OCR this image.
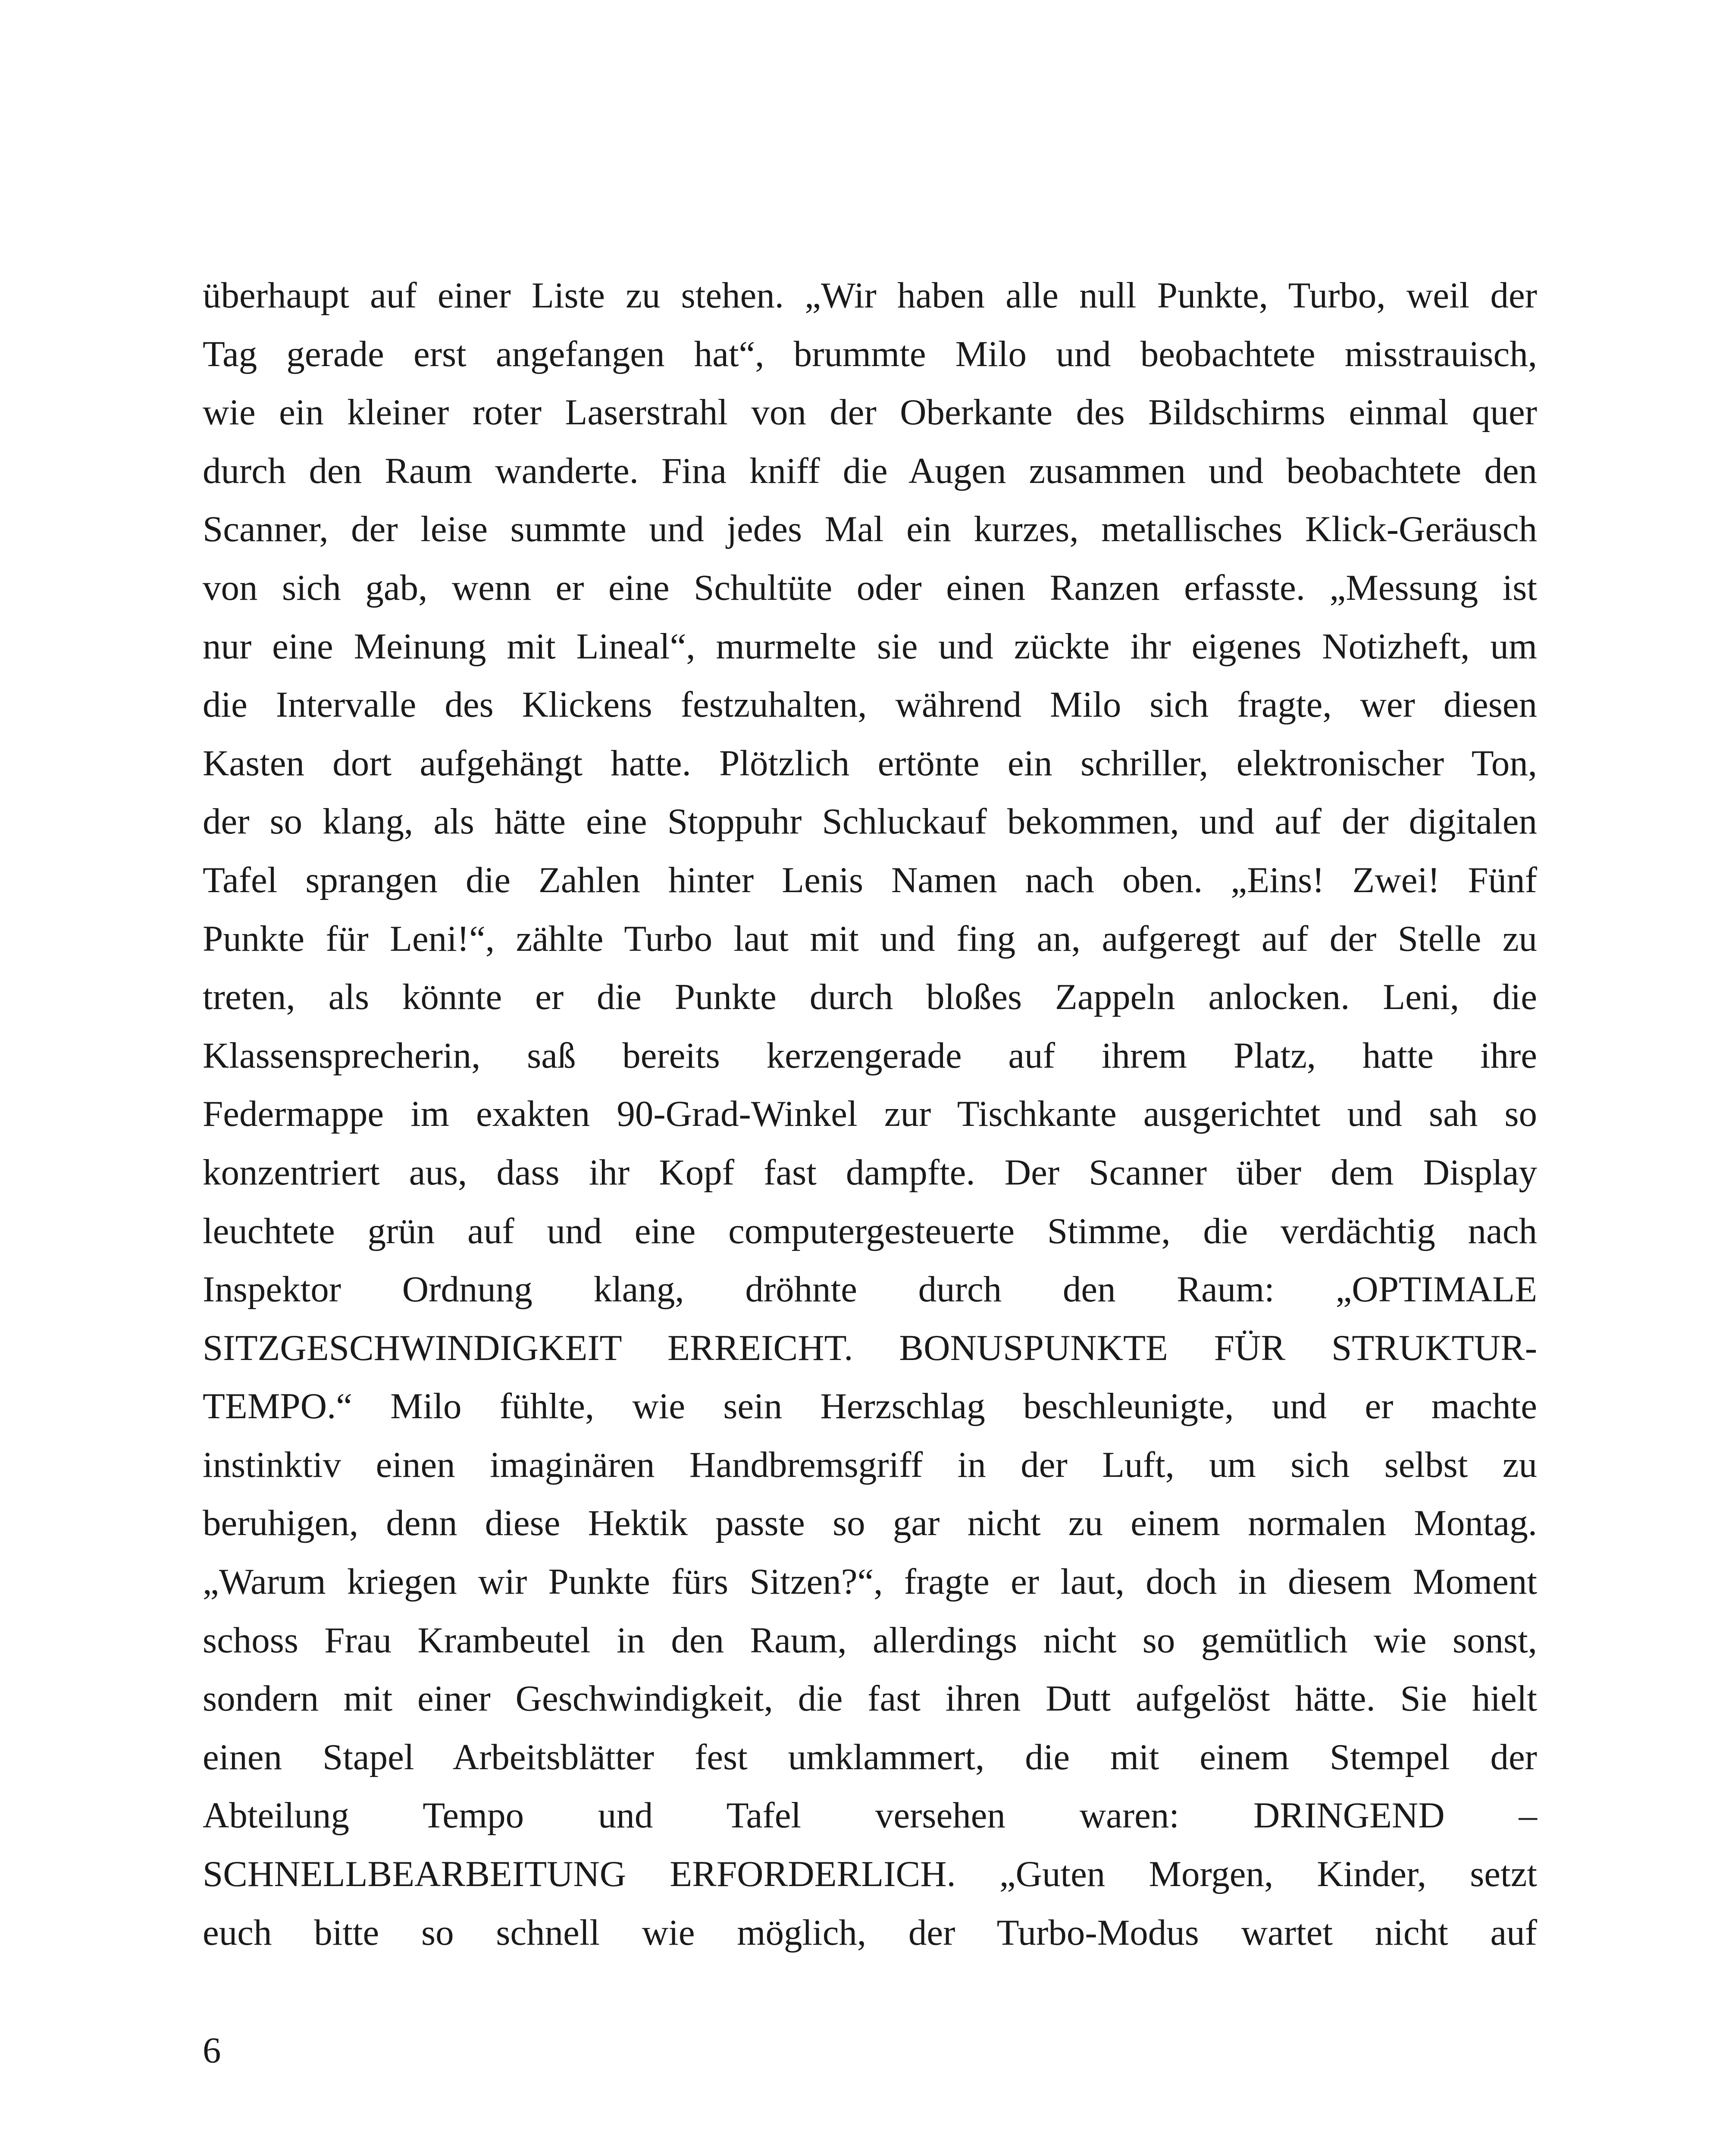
überhaupt auf einer Liste zu stehen. „Wir haben alle null Punkte, Turbo, weil der
Tag gerade erst angefangen hat“, brummte Milo und beobachtete misstrauisch,
wie ein kleiner roter Laserstrahl von der Oberkante des Bildschirms einmal quer
durch den Raum wanderte. Fina kniff die Augen zusammen und beobachtete den
Scanner, der leise summte und jedes Mal ein kurzes, metallisches Klick-Geräusch
von sich gab, wenn er eine Schultüte oder einen Ranzen erfasste. „Messung ist
nur eine Meinung mit Lineal“, murmelte sie und zückte ihr eigenes Notizheft, um
die Intervalle des Klickens festzuhalten, während Milo sich fragte, wer diesen
Kasten dort aufgehängt hatte. Plötzlich ertönte ein schriller, elektronischer Ton,
der so klang, als hätte eine Stoppuhr Schluckauf bekommen, und auf der digitalen
Tafel sprangen die Zahlen hinter Lenis Namen nach oben. „Eins! Zwei! Fünf
Punkte für Leni!“, zählte Turbo laut mit und fing an, aufgeregt auf der Stelle zu
treten, als könnte er die Punkte durch bloßes Zappeln anlocken. Leni, die
Klassensprecherin, saß bereits kerzengerade auf ihrem Platz, hatte ihre
Federmappe im exakten 90-Grad-Winkel zur Tischkante ausgerichtet und sah so
konzentriert aus, dass ihr Kopf fast dampfte. Der Scanner über dem Display
leuchtete grün auf und eine computergesteuerte Stimme, die verdächtig nach
Inspektor Ordnung klang, dröhnte durch den Raum: „OPTIMALE
SITZGESCHWINDIGKEIT ERREICHT. BONUSPUNKTE FÜR STRUKTUR-
TEMPO.“ Milo fühlte, wie sein Herzschlag beschleunigte, und er machte
instinktiv einen imaginären Handbremsgriff in der Luft, um sich selbst zu
beruhigen, denn diese Hektik passte so gar nicht zu einem normalen Montag.
„Warum kriegen wir Punkte fürs Sitzen?“, fragte er laut, doch in diesem Moment
schoss Frau Krambeutel in den Raum, allerdings nicht so gemütlich wie sonst,
sondern mit einer Geschwindigkeit, die fast ihren Dutt aufgelöst hätte. Sie hielt
einen Stapel Arbeitsblätter fest umklammert, die mit einem Stempel der
Abteilung Tempo und Tafel versehen waren: DRINGEND –
SCHNELLBEARBEITUNG ERFORDERLICH. „Guten Morgen, Kinder, setzt
euch bitte so schnell wie möglich, der Turbo-Modus wartet nicht auf
6
